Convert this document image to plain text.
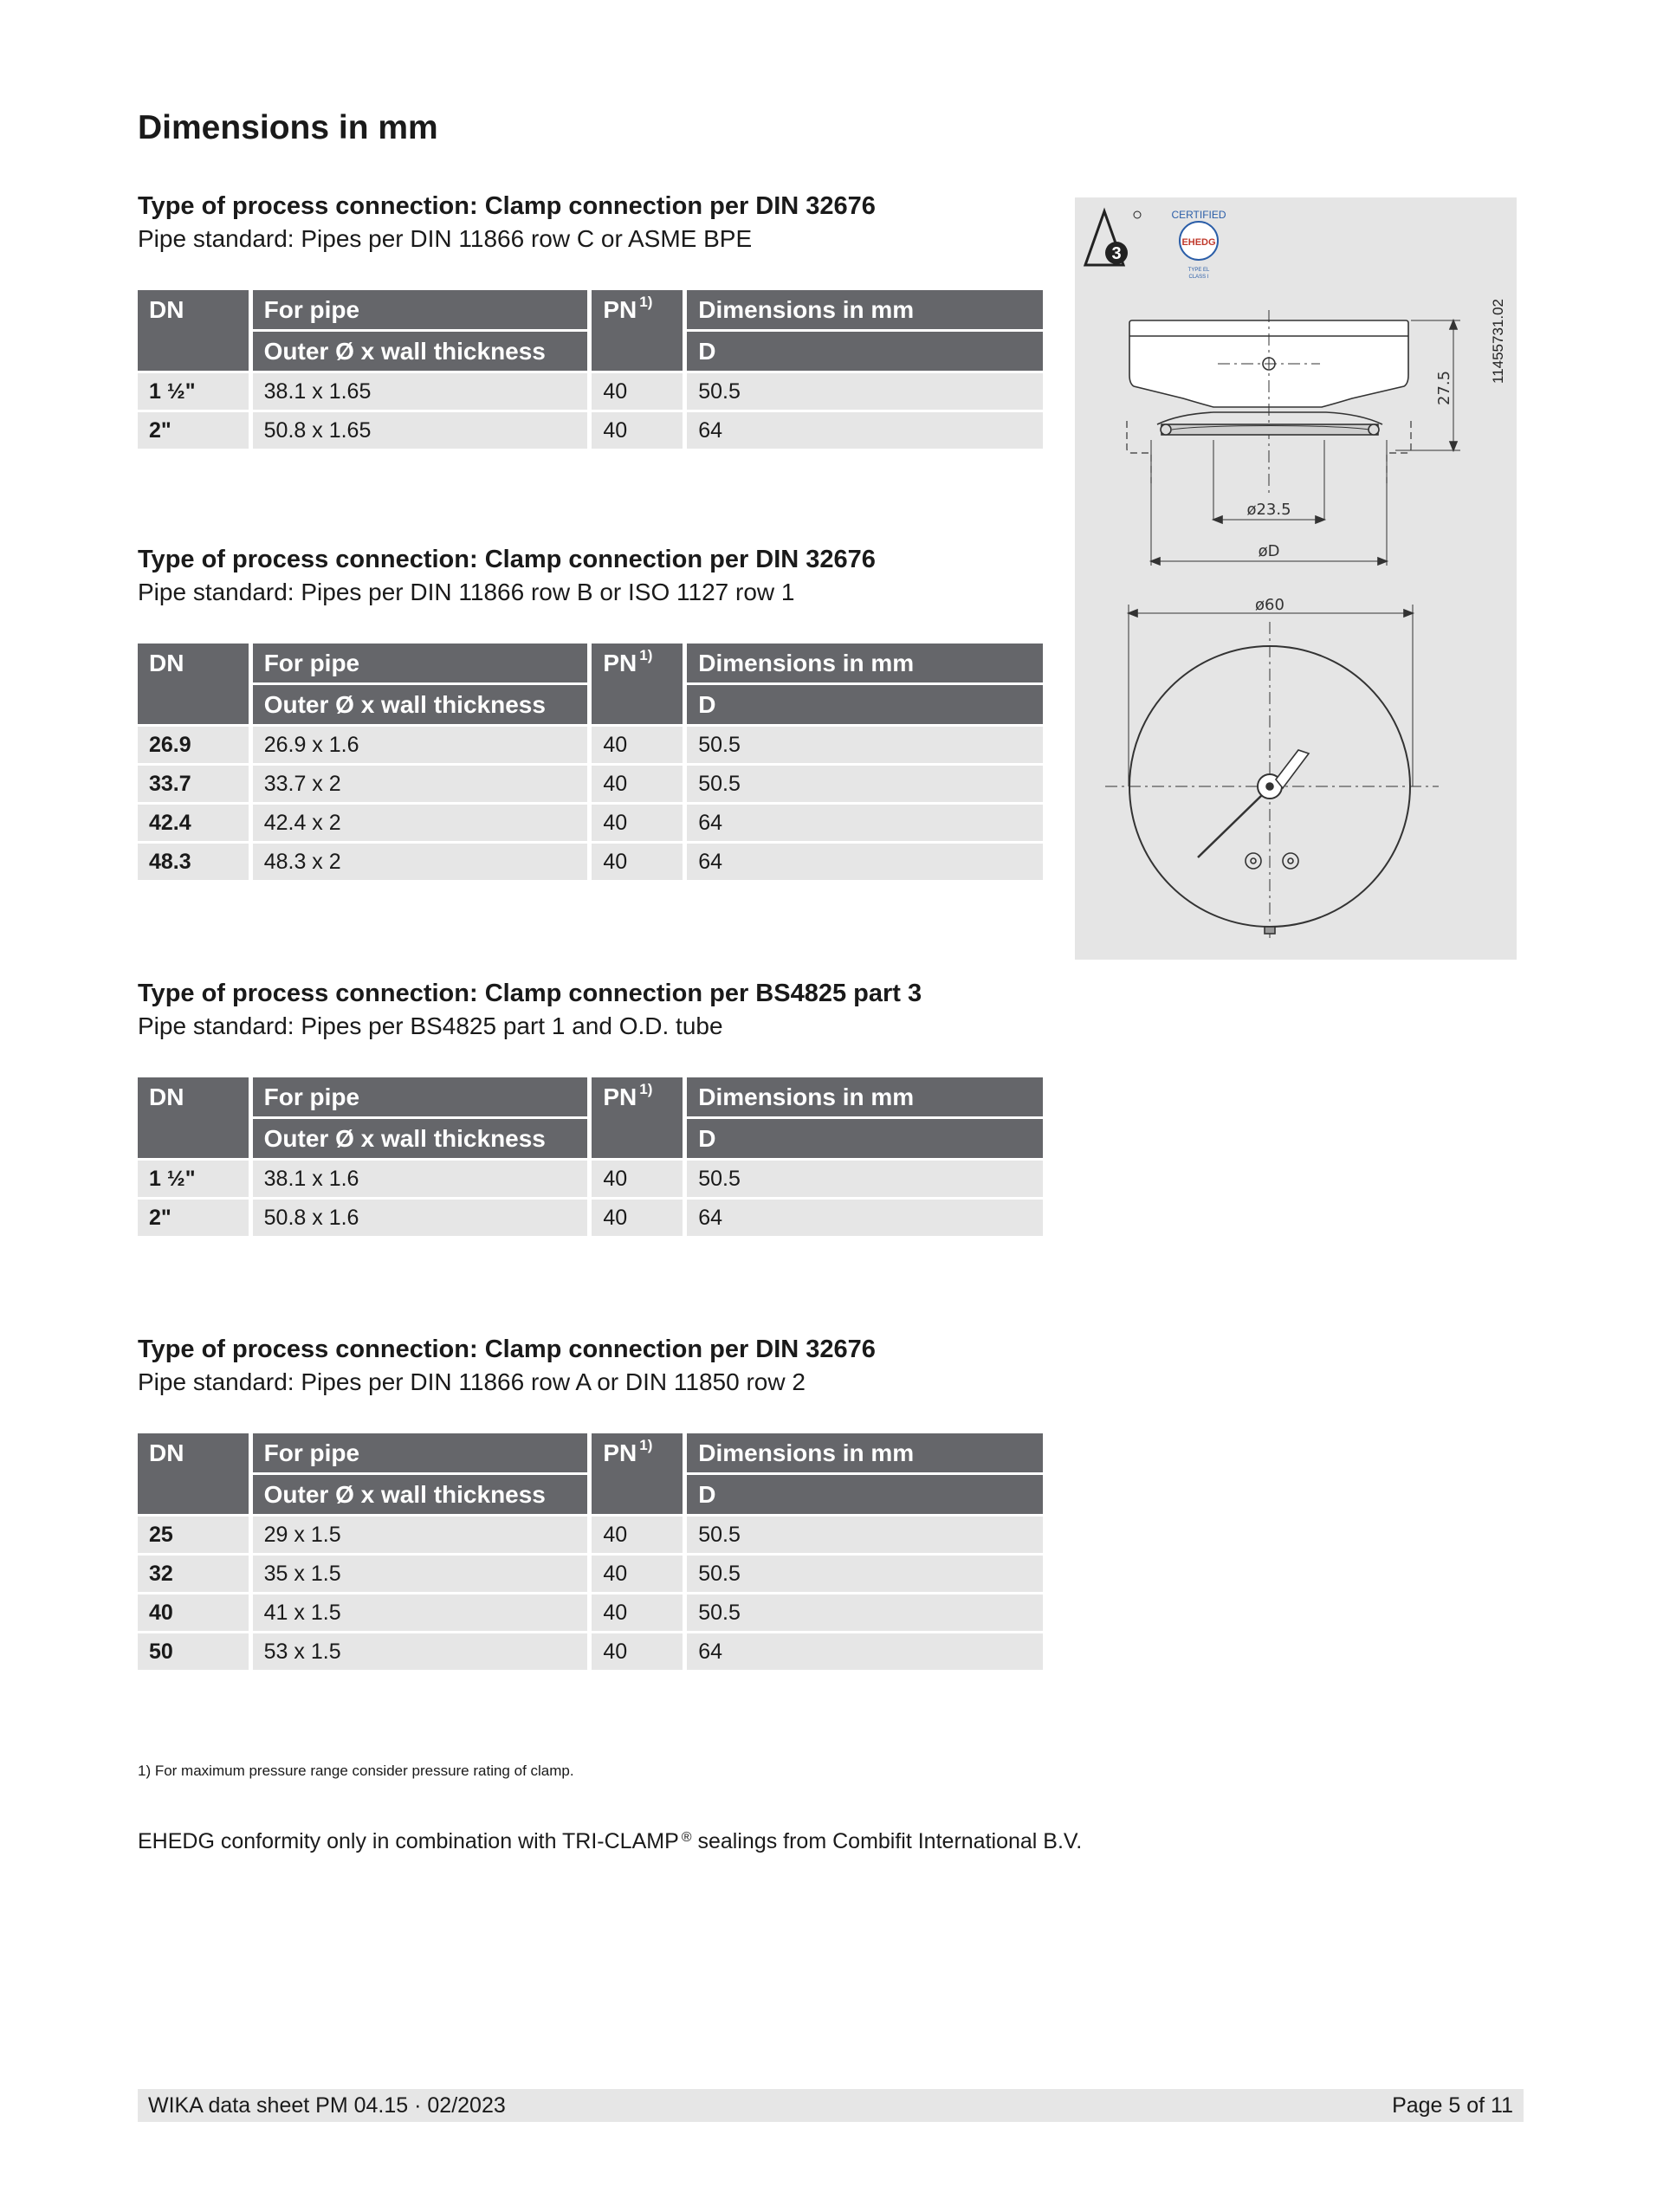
Dimensions in mm
Type of process connection: Clamp connection per DIN 32676
Pipe standard: Pipes per DIN 11866 row C or ASME BPE
DN	For pipe	PN $^{1)}$	Dimensions in mm
	Outer Ø x wall thickness		D
1 ½"	38.1 x 1.65	40	50.5
2"	50.8 x 1.65	40	64
Type of process connection: Clamp connection per DIN 32676
Pipe standard: Pipes per DIN 11866 row B or ISO 1127 row 1
DN	For pipe	PN $^{1)}$	Dimensions in mm
	Outer Ø x wall thickness		D
26.9	26.9 x 1.6	40	50.5
33.7	33.7 x 2	40	50.5
42.4	42.4 x 2	40	64
48.3	48.3 x 2	40	64
Type of process connection: Clamp connection per BS4825 part 3
Pipe standard: Pipes per BS4825 part 1 and O.D. tube
DN	For pipe	PN $^{1)}$	Dimensions in mm
	Outer Ø x wall thickness		D
1 ½"	38.1 x 1.6	40	50.5
2"	50.8 x 1.6	40	64
Type of process connection: Clamp connection per DIN 32676
Pipe standard: Pipes per DIN 11866 row A or DIN 11850 row 2
DN	For pipe	PN $^{1)}$	Dimensions in mm
	Outer Ø x wall thickness		D
25	29 x 1.5	40	50.5
32	35 x 1.5	40	50.5
40	41 x 1.5	40	50.5
50	53 x 1.5	40	64
3
CERTIFIED
EHEDG
TYPE EL
CLASS I
11455731.02
ø23.5
øD
27.5
ø60
1) For maximum pressure range consider pressure rating of clamp.
EHEDG conformity only in combination with TRI-CLAMP ® sealings from Combifit International B.V.
WIKA data sheet PM 04.15 · 02/2023	Page 5 of 11
